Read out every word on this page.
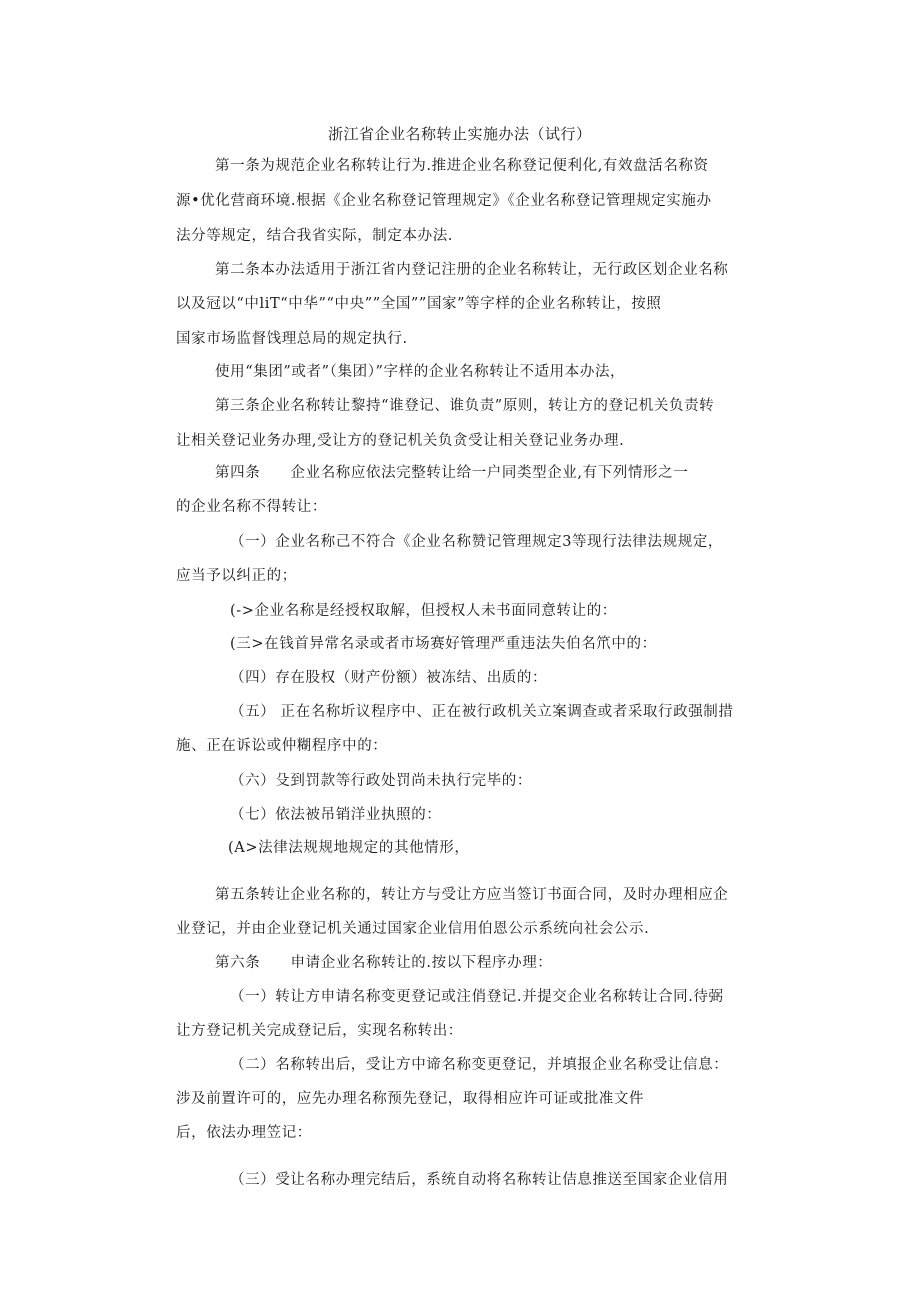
浙江省企业名称转止实施办法（试行）

第一条为规范企业名称转让行为.推进企业名称登记便利化,有效盘活名称资

源•优化营商环境.根据《企业名称登记管理规定》《企业名称登记管理规定实施办

法分等规定，结合我省实际，制定本办法.

第二条本办法适用于浙江省内登记注册的企业名称转让，无行政区划企业名称

以及冠以“中liT“中华”“中央””全国””国家”等字样的企业名称转让，按照

国家市场监督饯理总局的规定执行.

使用“集团”或者”（集团）”字样的企业名称转让不适用本办法，

第三条企业名称转让黎持“谁登记、谁负责”原则，转让方的登记机关负责转

让相关登记业务办理,受让方的登记机关负贪受让相关登记业务办理.

第四条　　企业名称应依法完整转让给一户同类型企业,有下列情形之一

的企业名称不得转让：

（一）企业名称己不符合《企业名称赞记管理规定3等现行法律法规规定，

应当予以纠正的；

(->企业名称是经授权取解，但授权人未书面同意转让的：

(三>在钱首异常名录或者市场赛好管理严重违法失伯名笊中的：

（四）存在股权（财产份额）被冻结、出质的：

（五） 正在名称圻议程序中、正在被行政机关立案调查或者采取行政强制措

施、正在诉讼或仲糊程序中的：

（六）殳到罚款等行政处罚尚未执行完毕的：

（七）依法被吊销洋业执照的：

(A>法律法规规地规定的其他情形，

第五条转让企业名称的，转让方与受让方应当签订书面合同，及时办理相应企

业登记，并由企业登记机关通过国家企业信用伯恩公示系统向社会公示.

第六条　　申请企业名称转让的.按以下程序办理：

（一）转让方申请名称变更登记或注俏登记.并提交企业名称转让合同.待弼

让方登记机关完成登记后，实现名称转出：

（二）名称转出后，受让方中谛名称变更登记，并填报企业名称受让信息：

涉及前置许可的，应先办理名称预先登记，取得相应许可证或批准文件

后，依法办理笠记：

（三）受让名称办理完结后，系统自动将名称转让佶息推送至国家企业信用
